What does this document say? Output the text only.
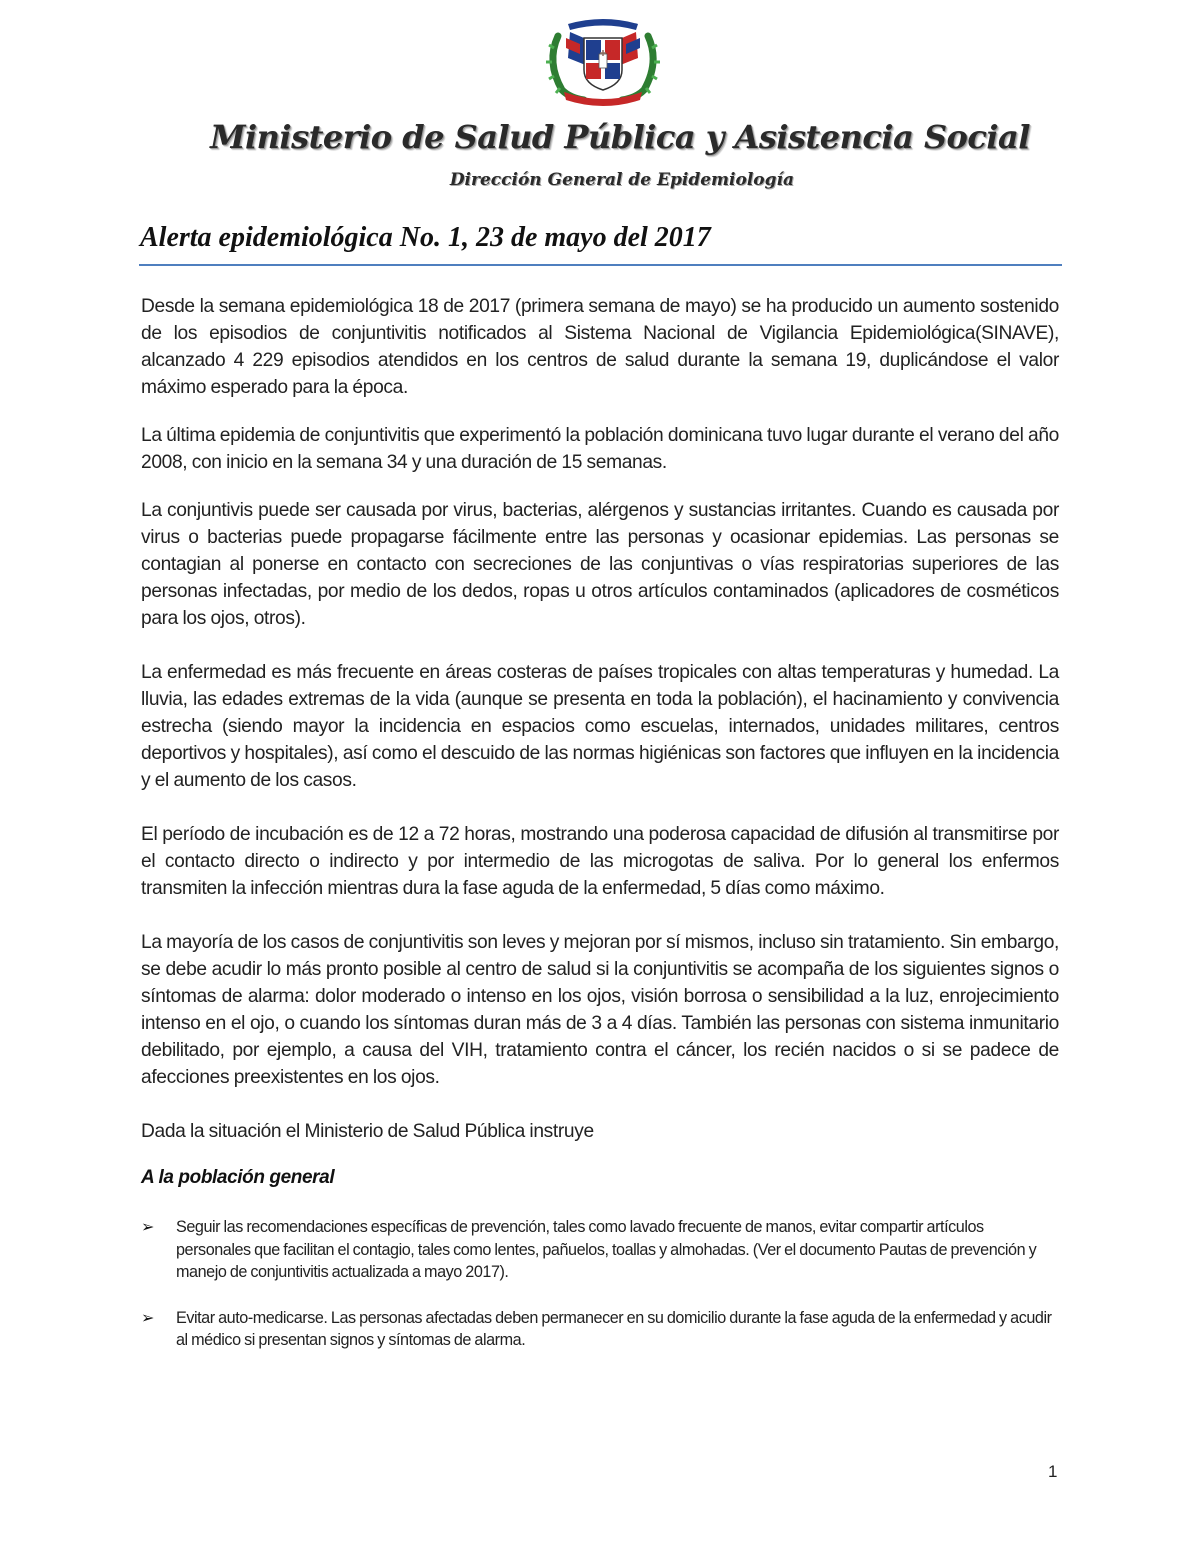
Ministerio de Salud Pública y Asistencia Social
Dirección General de Epidemiología
Alerta epidemiológica No. 1, 23 de mayo del 2017

Desde la semana epidemiológica 18 de 2017 (primera semana de mayo) se ha producido un aumento sostenido de los episodios de conjuntivitis notificados al Sistema Nacional de Vigilancia Epidemiológica(SINAVE), alcanzado 4 229 episodios atendidos en los centros de salud durante la semana 19, duplicándose el valor máximo esperado para la época.

La última epidemia de conjuntivitis que experimentó la población dominicana tuvo lugar durante el verano del año 2008, con inicio en la semana 34 y una duración de 15 semanas.

La conjuntivis puede ser causada por virus, bacterias, alérgenos y sustancias irritantes. Cuando es causada por virus o bacterias puede propagarse fácilmente entre las personas y ocasionar epidemias. Las personas se contagian al ponerse en contacto con secreciones de las conjuntivas o vías respiratorias superiores de las personas infectadas, por medio de los dedos, ropas u otros artículos contaminados (aplicadores de cosméticos para los ojos, otros).

La enfermedad es más frecuente en áreas costeras de países tropicales con altas temperaturas y humedad. La lluvia, las edades extremas de la vida (aunque se presenta en toda la población), el hacinamiento y convivencia estrecha (siendo mayor la incidencia en espacios como escuelas, internados, unidades militares, centros deportivos y hospitales), así como el descuido de las normas higiénicas son factores que influyen en la incidencia y el aumento de los casos.

El período de incubación es de 12 a 72 horas, mostrando una poderosa capacidad de difusión al transmitirse por el contacto directo o indirecto y por intermedio de las microgotas de saliva. Por lo general los enfermos transmiten la infección mientras dura la fase aguda de la enfermedad, 5 días como máximo.

La mayoría de los casos de conjuntivitis son leves y mejoran por sí mismos, incluso sin tratamiento. Sin embargo, se debe acudir lo más pronto posible al centro de salud si la conjuntivitis se acompaña de los siguientes signos o síntomas de alarma: dolor moderado o intenso en los ojos, visión borrosa o sensibilidad a la luz, enrojecimiento intenso en el ojo, o cuando los síntomas duran más de 3 a 4 días. También las personas con sistema inmunitario debilitado, por ejemplo, a causa del VIH, tratamiento contra el cáncer, los recién nacidos o si se padece de afecciones preexistentes en los ojos.

Dada la situación el Ministerio de Salud Pública instruye

A la población general
➢ Seguir las recomendaciones específicas de prevención, tales como lavado frecuente de manos, evitar compartir artículos personales que facilitan el contagio, tales como lentes, pañuelos, toallas y almohadas. (Ver el documento Pautas de prevención y manejo de conjuntivitis actualizada a mayo 2017).
➢ Evitar auto-medicarse. Las personas afectadas deben permanecer en su domicilio durante la fase aguda de la enfermedad y acudir al médico si presentan signos y síntomas de alarma.
1
